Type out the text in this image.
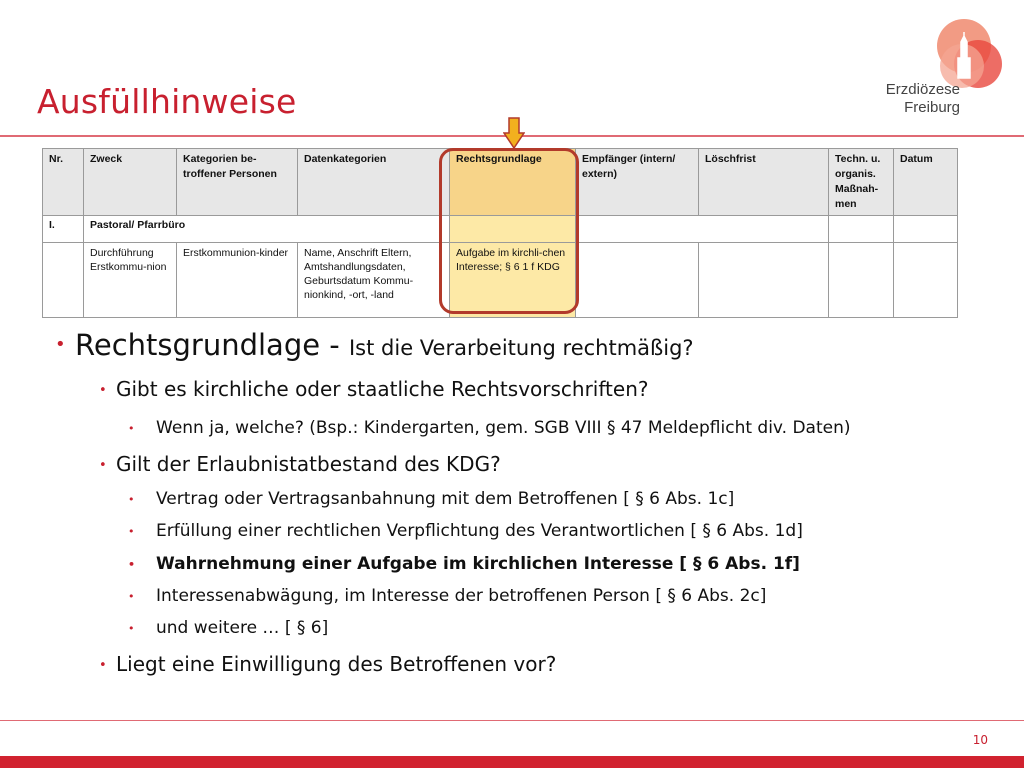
Erzdiözese
Freiburg
Ausfüllhinweise
Nr.	Zweck	Kategorien be-troffener Personen	Datenkategorien	Rechtsgrundlage	Empfänger (intern/ extern)	Löschfrist	Techn. u. organis. Maßnah-men	Datum
I.	Pastoral/ Pfarrbüro							
	Durchführung Erstkommu-nion	Erstkommunion-kinder	Name, Anschrift Eltern, Amtshandlungsdaten, Geburtsdatum Kommu-nionkind, -ort, -land	Aufgabe im kirchli-chen Interesse; § 6 1 f KDG				
• Rechtsgrundlage - Ist die Verarbeitung rechtmäßig?
• Gibt es kirchliche oder staatliche Rechtsvorschriften?
• Wenn ja, welche? (Bsp.: Kindergarten, gem. SGB VIII § 47 Meldepflicht div. Daten)
• Gilt der Erlaubnistatbestand des KDG?
• Vertrag oder Vertragsanbahnung mit dem Betroffenen [ § 6 Abs. 1c]
• Erfüllung einer rechtlichen Verpflichtung des Verantwortlichen [ § 6 Abs. 1d]
• Wahrnehmung einer Aufgabe im kirchlichen Interesse [ § 6 Abs. 1f]
• Interessenabwägung, im Interesse der betroffenen Person [ § 6 Abs. 2c]
• und weitere … [ § 6]
• Liegt eine Einwilligung des Betroffenen vor?
10
